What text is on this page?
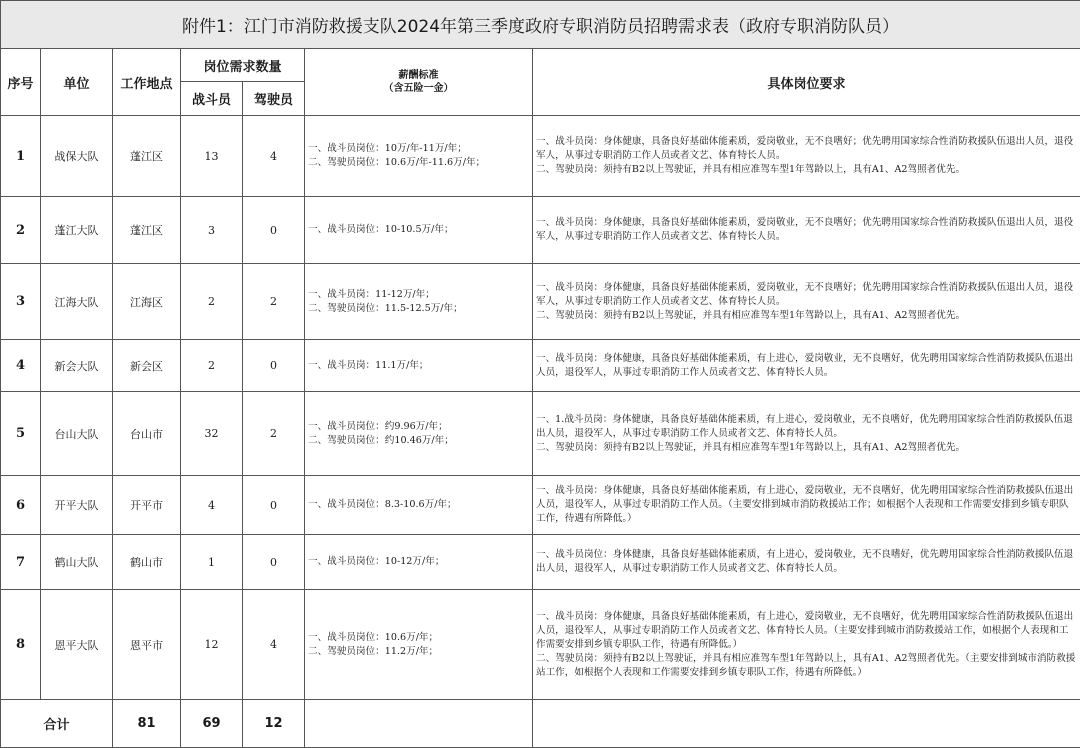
附件1：江门市消防救援支队2024年第三季度政府专职消防员招聘需求表（政府专职消防队员）						
序号	单位	工作地点	岗位需求数量		薪酬标准
（含五险一金）	具体岗位要求
			战斗员	驾驶员		
1	战保大队	蓬江区	13	4	一、战斗员岗位：10万/年-11万/年；
二、驾驶员岗位：10.6万/年-11.6万/年；	一、战斗员岗：身体健康，具备良好基础体能素质，爱岗敬业，无不良嗜好；优先聘用国家综合性消防救援队伍退出人员，退役军人，从事过专职消防工作人员或者文艺、体育特长人员。
二、驾驶员岗：须持有B2以上驾驶证，并具有相应准驾车型1年驾龄以上，具有A1、A2驾照者优先。

2	蓬江大队	蓬江区	3	0	一、战斗员岗位：10-10.5万/年；	一、战斗员岗：身体健康，具备良好基础体能素质，爱岗敬业，无不良嗜好；优先聘用国家综合性消防救援队伍退出人员，退役军人，从事过专职消防工作人员或者文艺、体育特长人员。

3	江海大队	江海区	2	2	一、战斗员岗：11-12万/年；
二、驾驶员岗位：11.5-12.5万/年；	一、战斗员岗：身体健康，具备良好基础体能素质，爱岗敬业，无不良嗜好；优先聘用国家综合性消防救援队伍退出人员，退役军人，从事过专职消防工作人员或者文艺、体育特长人员。
二、驾驶员岗：须持有B2以上驾驶证，并具有相应准驾车型1年驾龄以上，具有A1、A2驾照者优先。

4	新会大队	新会区	2	0	一、战斗员岗：11.1万/年；	一、战斗员岗：身体健康，具备良好基础体能素质，有上进心，爱岗敬业，无不良嗜好，优先聘用国家综合性消防救援队伍退出人员，退役军人，从事过专职消防工作人员或者文艺、体育特长人员。

5	台山大队	台山市	32	2	一、战斗员岗位：约9.96万/年；
二、驾驶员岗位：约10.46万/年；	一、1.战斗员岗：身体健康，具备良好基础体能素质，有上进心，爱岗敬业，无不良嗜好，优先聘用国家综合性消防救援队伍退出人员，退役军人，从事过专职消防工作人员或者文艺、体育特长人员。
二、驾驶员岗：须持有B2以上驾驶证，并具有相应准驾车型1年驾龄以上，具有A1、A2驾照者优先。

6	开平大队	开平市	4	0	一、战斗员岗位：8.3-10.6万/年；	一、战斗员岗：身体健康，具备良好基础体能素质，有上进心，爱岗敬业，无不良嗜好，优先聘用国家综合性消防救援队伍退出人员，退役军人，从事过专职消防工作人员。（主要安排到城市消防救援站工作；如根据个人表现和工作需要安排到乡镇专职队工作，待遇有所降低。）

7	鹤山大队	鹤山市	1	0	一、战斗员岗位：10-12万/年；	一、战斗员岗位：身体健康，具备良好基础体能素质，有上进心，爱岗敬业，无不良嗜好，优先聘用国家综合性消防救援队伍退出人员，退役军人，从事过专职消防工作人员或者文艺、体育特长人员。

8	恩平大队	恩平市	12	4	一、战斗员岗位：10.6万/年；
二、驾驶员岗位：11.2万/年；	一、战斗员岗：身体健康，具备良好基础体能素质，有上进心，爱岗敬业，无不良嗜好，优先聘用国家综合性消防救援队伍退出人员，退役军人，从事过专职消防工作人员或者文艺、体育特长人员。（主要安排到城市消防救援站工作，如根据个人表现和工作需要安排到乡镇专职队工作，待遇有所降低。）
二、驾驶员岗：须持有B2以上驾驶证，并具有相应准驾车型1年驾龄以上，具有A1、A2驾照者优先。（主要安排到城市消防救援站工作，如根据个人表现和工作需要安排到乡镇专职队工作，待遇有所降低。）

合计		81	69	12		
